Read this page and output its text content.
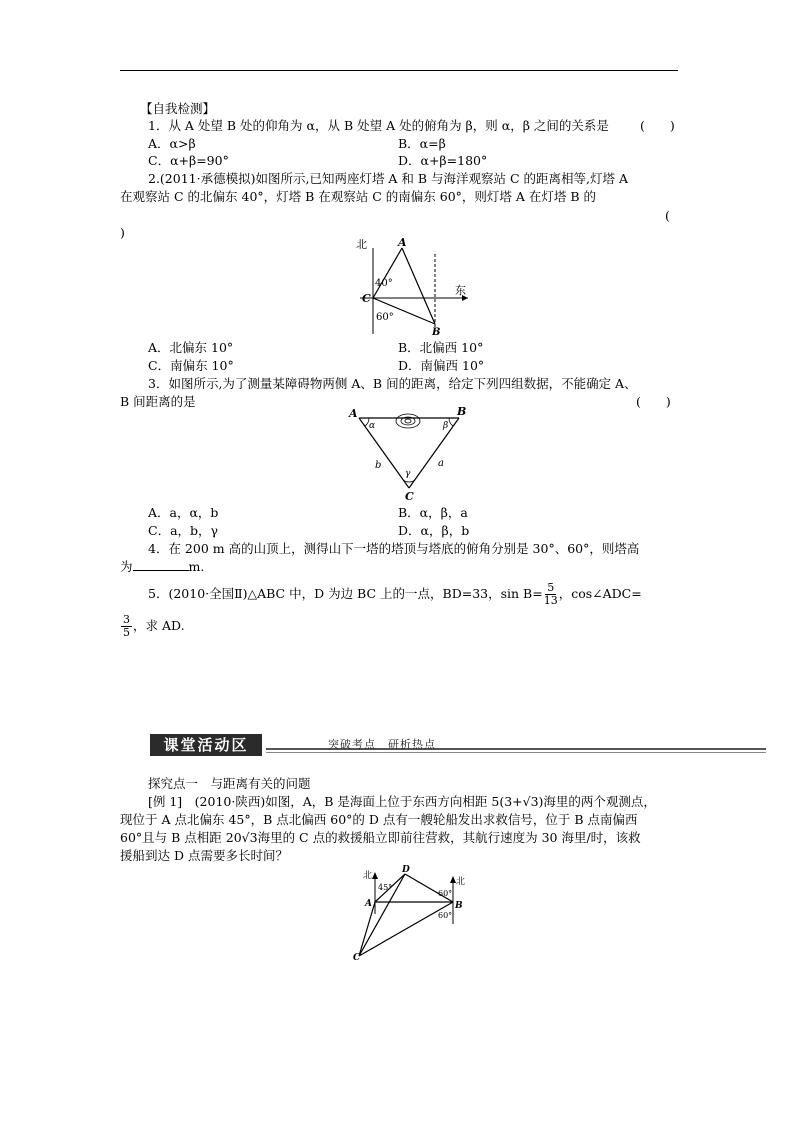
【自我检测】
1．从 A 处望 B 处的仰角为 α，从 B 处望 A 处的俯角为 β，则 α，β 之间的关系是 (　　)
A．α>β	B．α=β
C．α+β=90°	D．α+β=180°
2.(2011·承德模拟)如图所示,已知两座灯塔 A 和 B 与海洋观察站 C 的距离相等,灯塔 A
在观察站 C 的北偏东 40°，灯塔 B 在观察站 C 的南偏东 60°，则灯塔 A 在灯塔 B 的
(
)
北
东
A
C
B
40°
60°
A．北偏东 10°	B．北偏西 10°
C．南偏东 10°	D．南偏西 10°
3．如图所示,为了测量某障碍物两侧 A、B 间的距离，给定下列四组数据，不能确定 A、
B 间距离的是	(　　)
A	B
C
α	β
γ
b	a
A．a，α，b	B．α，β，a
C．a，b，γ	D．α，β，b
4．在 200 m 高的山顶上，测得山下一塔的塔顶与塔底的俯角分别是 30°、60°，则塔高
为	m.
5．(2010·全国Ⅱ)△ABC 中，D 为边 BC 上的一点，BD=33，$\sin B= \frac{5}{13}$ ，cos∠ADC=
$\frac{3}{5}$ ，求 AD.
课堂活动区	突破考点　研析热点
探究点一　与距离有关的问题
[例 1]　(2010·陕西)如图，A，B 是海面上位于东西方向相距 5(3+√3)海里的两个观测点，
现位于 A 点北偏东 45°，B 点北偏西 60°的 D 点有一艘轮船发出求救信号，位于 B 点南偏西
60°且与 B 点相距 20√3海里的 C 点的救援船立即前往营救，其航行速度为 30 海里/时，该救
援船到达 D 点需要多长时间？
北
北
A	B
C
D
45°
60°
60°
